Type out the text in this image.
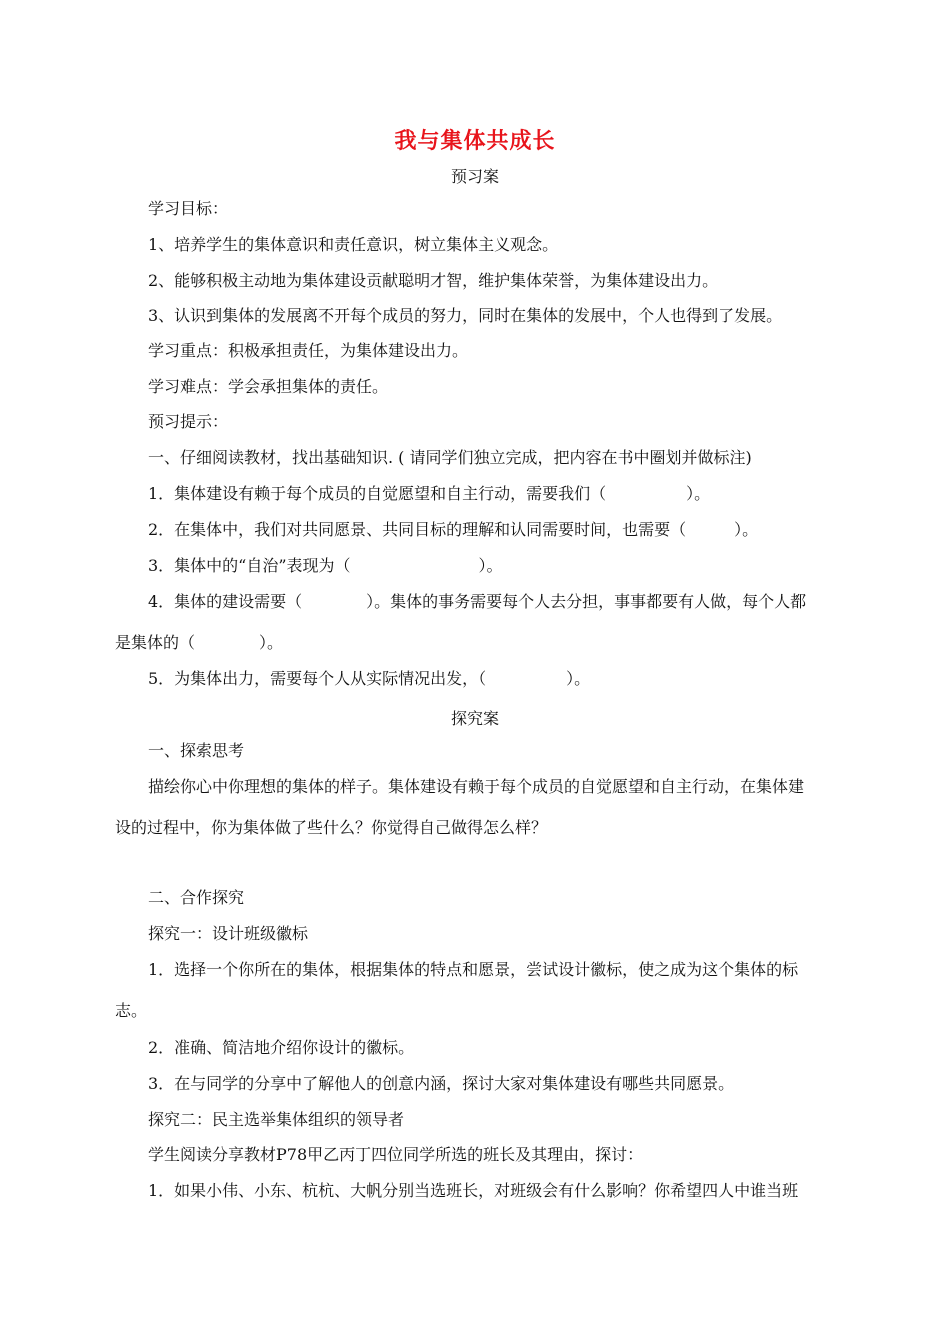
我与集体共成长
预习案
学习目标：
1、培养学生的集体意识和责任意识，树立集体主义观念。
2、能够积极主动地为集体建设贡献聪明才智，维护集体荣誉，为集体建设出力。
3、认识到集体的发展离不开每个成员的努力，同时在集体的发展中，个人也得到了发展。
学习重点：积极承担责任，为集体建设出力。
学习难点：学会承担集体的责任。
预习提示：
一、仔细阅读教材，找出基础知识. ( 请同学们独立完成，把内容在书中圈划并做标注)
1．集体建设有赖于每个成员的自觉愿望和自主行动，需要我们（　　　　　）。
2．在集体中，我们对共同愿景、共同目标的理解和认同需要时间，也需要（　　　）。
3．集体中的“自治”表现为（　　　　　　　　）。
4．集体的建设需要（　　　　）。集体的事务需要每个人去分担，事事都要有人做，每个人都
是集体的（　　　　）。
5．为集体出力，需要每个人从实际情况出发，（　　　　　）。
探究案
一、探索思考
描绘你心中你理想的集体的样子。集体建设有赖于每个成员的自觉愿望和自主行动，在集体建
设的过程中，你为集体做了些什么？你觉得自己做得怎么样？
二、合作探究
探究一：设计班级徽标
1．选择一个你所在的集体，根据集体的特点和愿景，尝试设计徽标，使之成为这个集体的标
志。
2．准确、简洁地介绍你设计的徽标。
3．在与同学的分享中了解他人的创意内涵，探讨大家对集体建设有哪些共同愿景。
探究二：民主选举集体组织的领导者
学生阅读分享教材P78甲乙丙丁四位同学所选的班长及其理由，探讨：
1．如果小伟、小东、杭杭、大帆分别当选班长，对班级会有什么影响？你希望四人中谁当班
